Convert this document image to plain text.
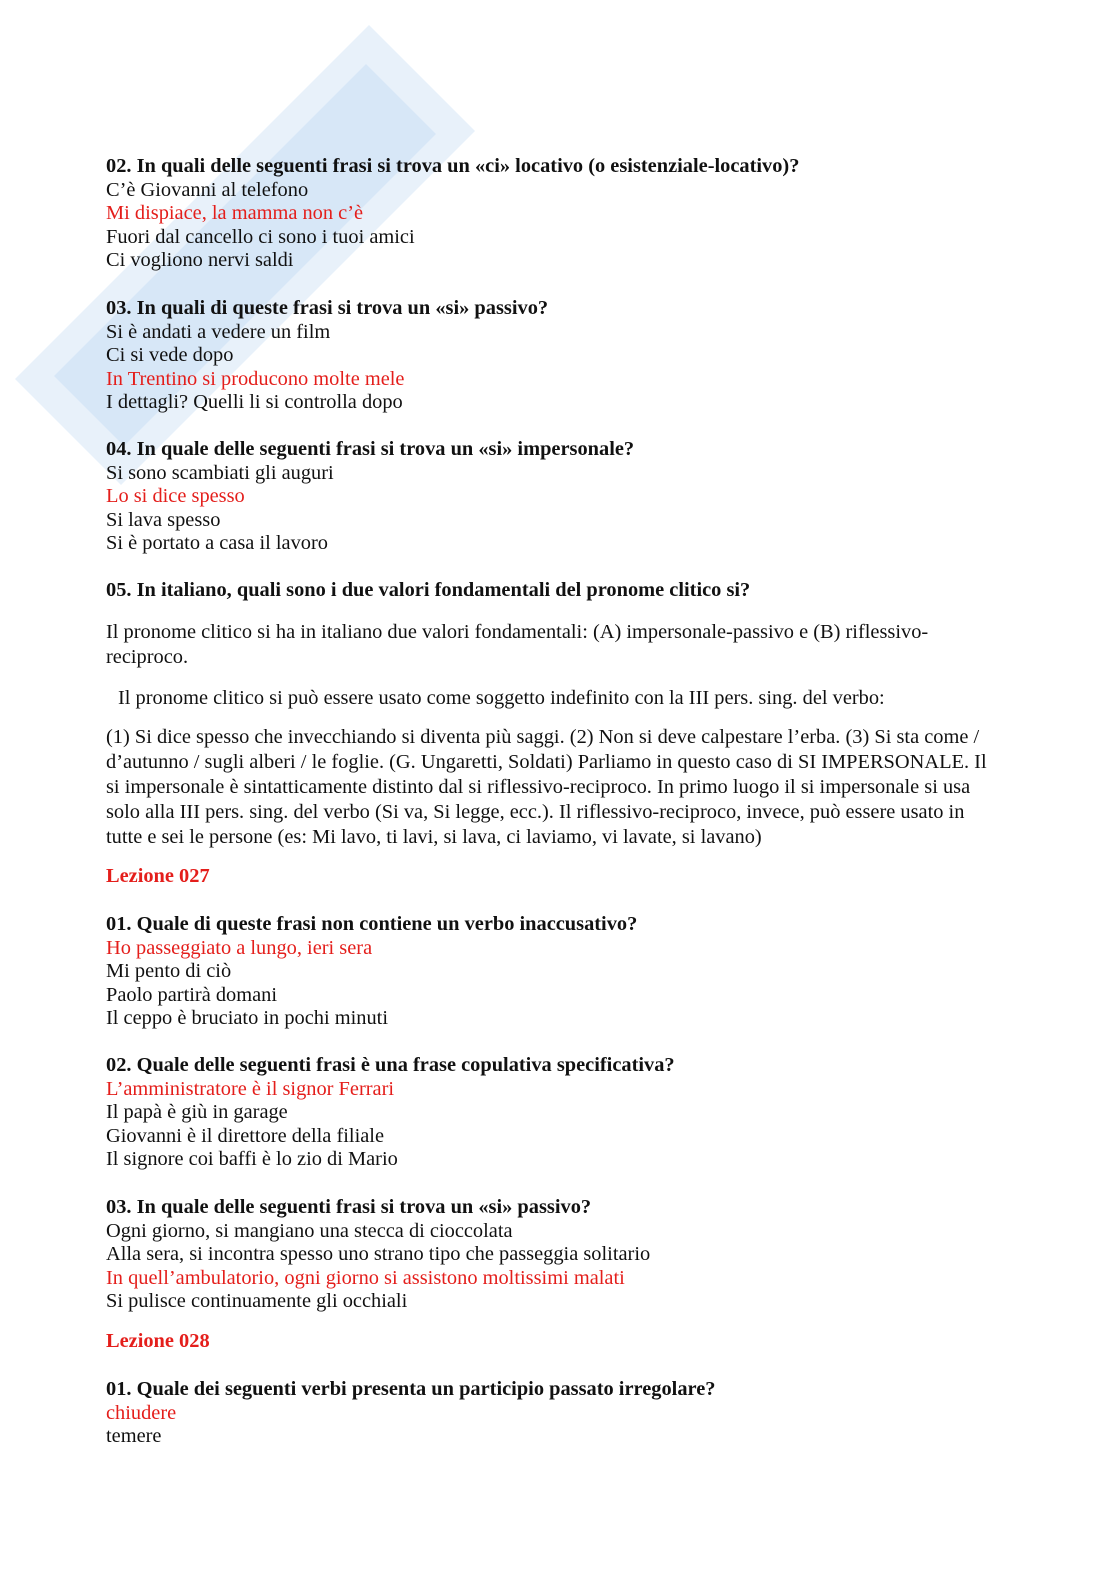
02. In quali delle seguenti frasi si trova un «ci» locativo (o esistenziale-locativo)?
C’è Giovanni al telefono
Mi dispiace, la mamma non c’è
Fuori dal cancello ci sono i tuoi amici
Ci vogliono nervi saldi
03. In quali di queste frasi si trova un «si» passivo?
Si è andati a vedere un film
Ci si vede dopo
In Trentino si producono molte mele
I dettagli? Quelli li si controlla dopo
04. In quale delle seguenti frasi si trova un «si» impersonale?
Si sono scambiati gli auguri
Lo si dice spesso
Si lava spesso
Si è portato a casa il lavoro
05. In italiano, quali sono i due valori fondamentali del pronome clitico si?
Il pronome clitico si ha in italiano due valori fondamentali: (A) impersonale-passivo e (B) riflessivo-
reciproco.
Il pronome clitico si può essere usato come soggetto indefinito con la III pers. sing. del verbo:
(1) Si dice spesso che invecchiando si diventa più saggi. (2) Non si deve calpestare l’erba. (3) Si sta come /
d’autunno / sugli alberi / le foglie. (G. Ungaretti, Soldati) Parliamo in questo caso di SI IMPERSONALE. Il
si impersonale è sintatticamente distinto dal si riflessivo-reciproco. In primo luogo il si impersonale si usa
solo alla III pers. sing. del verbo (Si va, Si legge, ecc.). Il riflessivo-reciproco, invece, può essere usato in
tutte e sei le persone (es: Mi lavo, ti lavi, si lava, ci laviamo, vi lavate, si lavano)
Lezione 027
01. Quale di queste frasi non contiene un verbo inaccusativo?
Ho passeggiato a lungo, ieri sera
Mi pento di ciò
Paolo partirà domani
Il ceppo è bruciato in pochi minuti
02. Quale delle seguenti frasi è una frase copulativa specificativa?
L’amministratore è il signor Ferrari
Il papà è giù in garage
Giovanni è il direttore della filiale
Il signore coi baffi è lo zio di Mario
03. In quale delle seguenti frasi si trova un «si» passivo?
Ogni giorno, si mangiano una stecca di cioccolata
Alla sera, si incontra spesso uno strano tipo che passeggia solitario
In quell’ambulatorio, ogni giorno si assistono moltissimi malati
Si pulisce continuamente gli occhiali
Lezione 028
01. Quale dei seguenti verbi presenta un participio passato irregolare?
chiudere
temere
